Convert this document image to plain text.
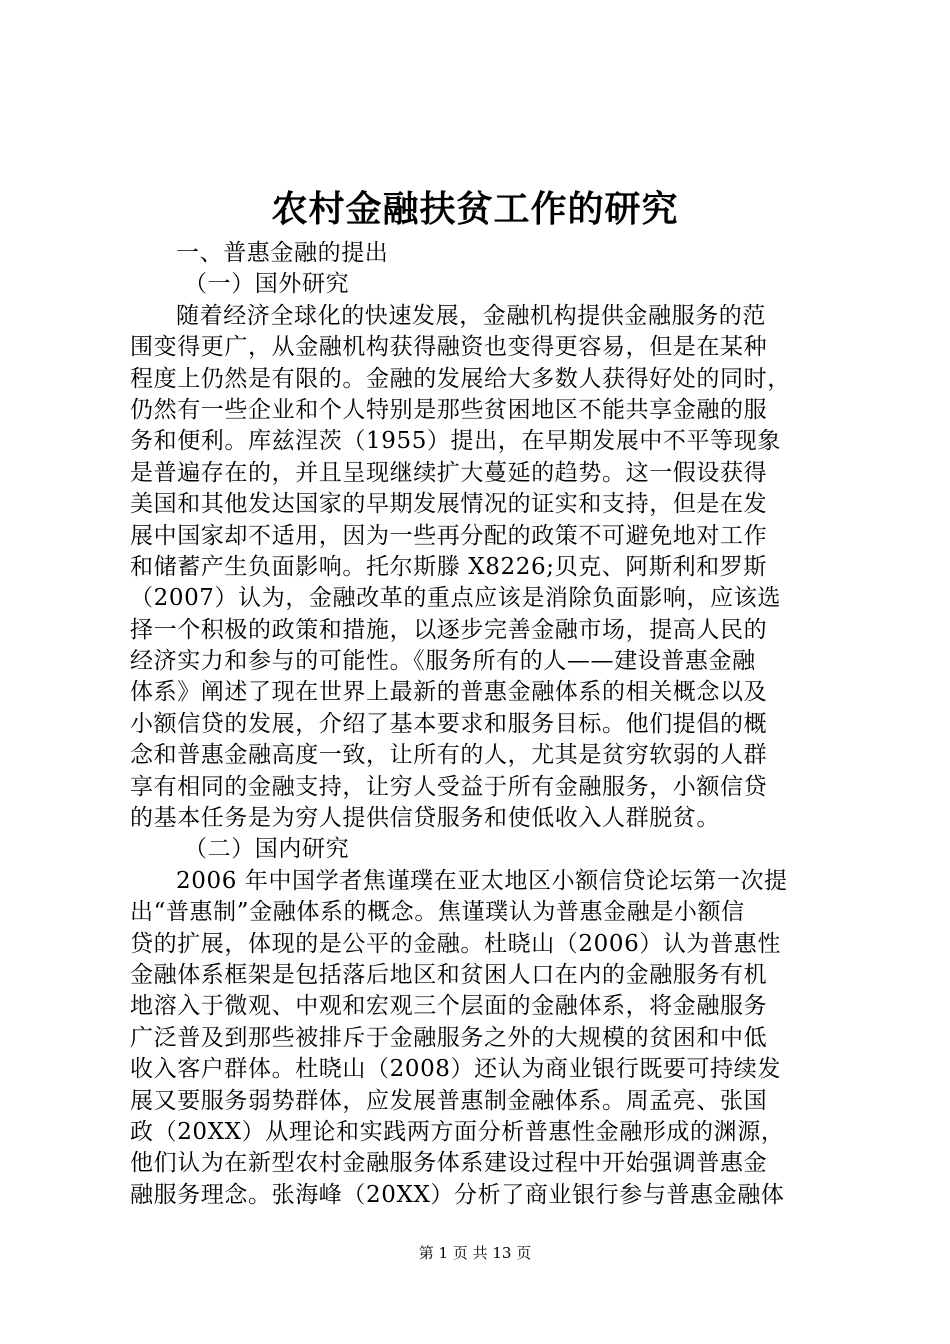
农村金融扶贫工作的研究
一、普惠金融的提出
（一）国外研究
随着经济全球化的快速发展，金融机构提供金融服务的范
围变得更广，从金融机构获得融资也变得更容易，但是在某种
程度上仍然是有限的。金融的发展给大多数人获得好处的同时，
仍然有一些企业和个人特别是那些贫困地区不能共享金融的服
务和便利。库兹涅茨（1955）提出，在早期发展中不平等现象
是普遍存在的，并且呈现继续扩大蔓延的趋势。这一假设获得
美国和其他发达国家的早期发展情况的证实和支持，但是在发
展中国家却不适用，因为一些再分配的政策不可避免地对工作
和储蓄产生负面影响。托尔斯滕 X8226;贝克、阿斯利和罗斯
（2007）认为，金融改革的重点应该是消除负面影响，应该选
择一个积极的政策和措施，以逐步完善金融市场，提高人民的
经济实力和参与的可能性。《服务所有的人——建设普惠金融
体系》阐述了现在世界上最新的普惠金融体系的相关概念以及
小额信贷的发展，介绍了基本要求和服务目标。他们提倡的概
念和普惠金融高度一致，让所有的人，尤其是贫穷软弱的人群
享有相同的金融支持，让穷人受益于所有金融服务，小额信贷
的基本任务是为穷人提供信贷服务和使低收入人群脱贫。
（二）国内研究
2006 年中国学者焦谨璞在亚太地区小额信贷论坛第一次提
出“普惠制”金融体系的概念。焦谨璞认为普惠金融是小额信
贷的扩展，体现的是公平的金融。杜晓山（2006）认为普惠性
金融体系框架是包括落后地区和贫困人口在内的金融服务有机
地溶入于微观、中观和宏观三个层面的金融体系，将金融服务
广泛普及到那些被排斥于金融服务之外的大规模的贫困和中低
收入客户群体。杜晓山（2008）还认为商业银行既要可持续发
展又要服务弱势群体，应发展普惠制金融体系。周孟亮、张国
政（20XX）从理论和实践两方面分析普惠性金融形成的渊源，
他们认为在新型农村金融服务体系建设过程中开始强调普惠金
融服务理念。张海峰（20XX）分析了商业银行参与普惠金融体
第 1 页 共 13 页
